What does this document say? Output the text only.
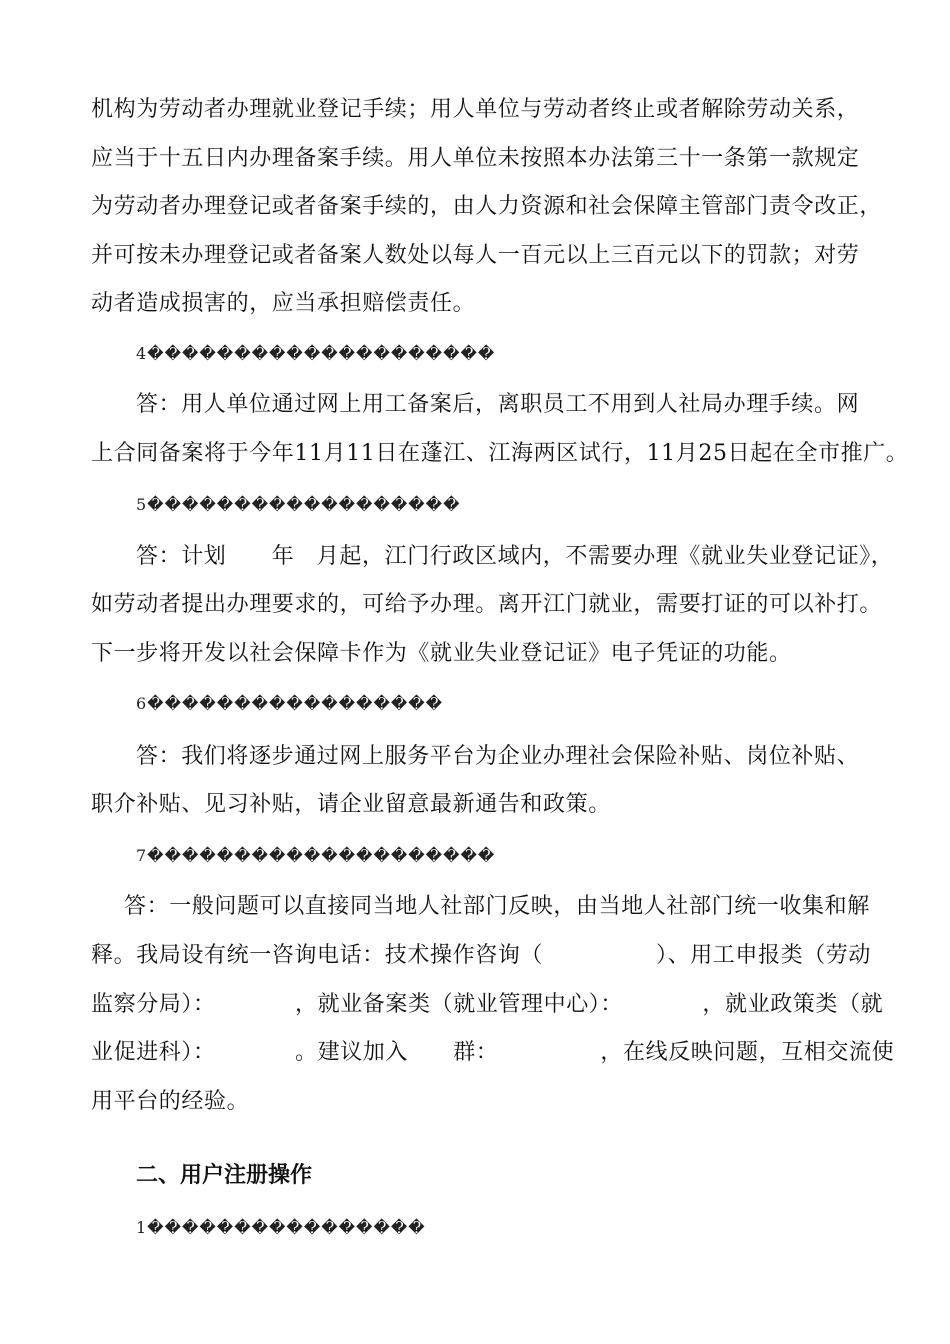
机构为劳动者办理就业登记手续；用人单位与劳动者终止或者解除劳动关系，
应当于十五日内办理备案手续。用人单位未按照本办法第三十一条第一款规定
为劳动者办理登记或者备案手续的，由人力资源和社会保障主管部门责令改正，
并可按未办理登记或者备案人数处以每人一百元以上三百元以下的罚款；对劳
动者造成损害的，应当承担赔偿责任。
4��������������������
答：用人单位通过网上用工备案后，离职员工不用到人社局办理手续。网
上合同备案将于今年11月11日在蓬江、江海两区试行，11月25日起在全市推广。
5������������������
答：计划　　年　月起，江门行政区域内，不需要办理《就业失业登记证》，
如劳动者提出办理要求的，可给予办理。离开江门就业，需要打证的可以补打。
下一步将开发以社会保障卡作为《就业失业登记证》电子凭证的功能。
6�����������������
答：我们将逐步通过网上服务平台为企业办理社会保险补贴、岗位补贴、
职介补贴、见习补贴，请企业留意最新通告和政策。
7��������������������
答：一般问题可以直接同当地人社部门反映，由当地人社部门统一收集和解
释。我局设有统一咨询电话：技术操作咨询（　　　　　）、用工申报类（劳动
监察分局）：　　　　，就业备案类（就业管理中心）：　　　　，就业政策类（就
业促进科）：　　　　。建议加入　　群：　　　　　，在线反映问题，互相交流使
用平台的经验。
二、用户注册操作
1����������������
